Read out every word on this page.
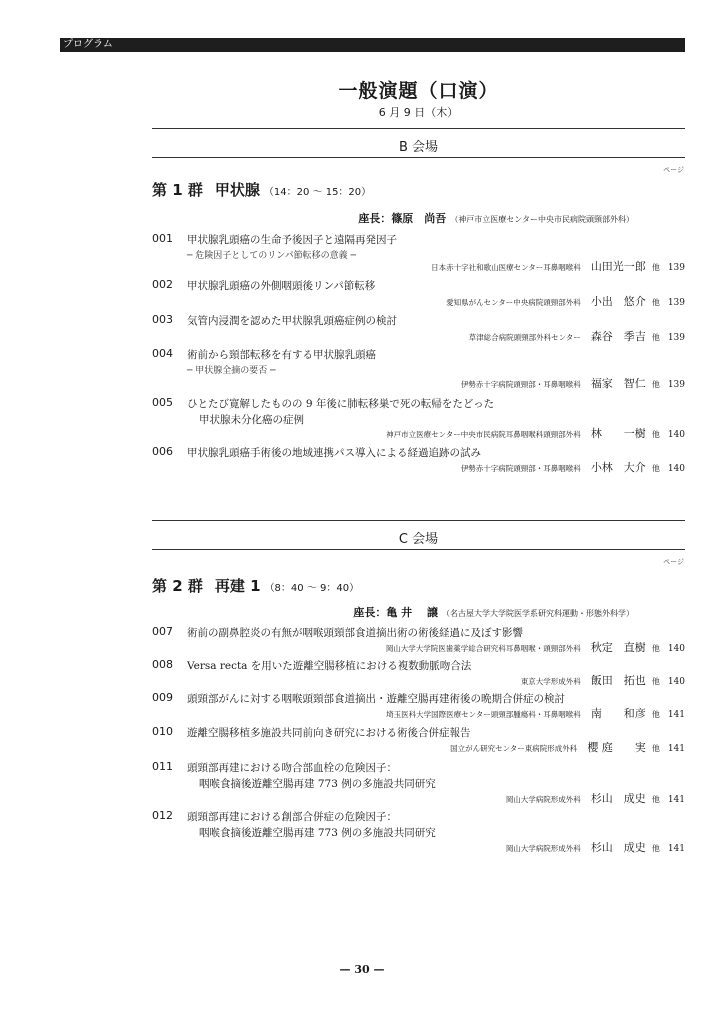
プログラム
一般演題（口演）
6 月 9 日（木）
B 会場
ページ
第 1 群 甲状腺 （14：20 〜 15：20）
座長：篠原　尚吾 （神戸市立医療センター中央市民病院頭頸部外科）
001 甲状腺乳頭癌の生命予後因子と遠隔再発因子
─ 危険因子としてのリンパ節転移の意義 ─
日本赤十字社和歌山医療センター耳鼻咽喉科 山田光一郎 他 139
002 甲状腺乳頭癌の外側咽頭後リンパ節転移
愛知県がんセンター中央病院頭頸部外科 小出　悠介 他 139
003 気管内浸潤を認めた甲状腺乳頭癌症例の検討
草津総合病院頭頸部外科センター 森谷　季吉 他 139
004 術前から頸部転移を有する甲状腺乳頭癌
─ 甲状腺全摘の要否 ─
伊勢赤十字病院頭頸部・耳鼻咽喉科 福家　智仁 他 139
005 ひとたび寛解したものの 9 年後に肺転移巣で死の転帰をたどった
甲状腺未分化癌の症例
神戸市立医療センター中央市民病院耳鼻咽喉科頭頸部外科 林　　一樹 他 140
006 甲状腺乳頭癌手術後の地域連携パス導入による経過追跡の試み
伊勢赤十字病院頭頸部・耳鼻咽喉科 小林　大介 他 140
C 会場
ページ
第 2 群 再建 1 （8：40 〜 9：40）
座長：亀 井　 譲 （名古屋大学大学院医学系研究科運動・形態外科学）
007 術前の副鼻腔炎の有無が咽喉頭頸部食道摘出術の術後経過に及ぼす影響
岡山大学大学院医歯薬学総合研究科耳鼻咽喉・頭頸部外科 秋定　直樹 他 140
008 Versa recta を用いた遊離空腸移植における複数動脈吻合法
東京大学形成外科 飯田　拓也 他 140
009 頭頸部がんに対する咽喉頭頸部食道摘出・遊離空腸再建術後の晩期合併症の検討
埼玉医科大学国際医療センター頭頸部腫瘍科・耳鼻咽喉科 南　　和彦 他 141
010 遊離空腸移植多施設共同前向き研究における術後合併症報告
国立がん研究センター東病院形成外科 櫻 庭　　実 他 141
011 頭頸部再建における吻合部血栓の危険因子：
咽喉食摘後遊離空腸再建 773 例の多施設共同研究
岡山大学病院形成外科 杉山　成史 他 141
012 頭頸部再建における創部合併症の危険因子：
咽喉食摘後遊離空腸再建 773 例の多施設共同研究
岡山大学病院形成外科 杉山　成史 他 141
— 30 —
